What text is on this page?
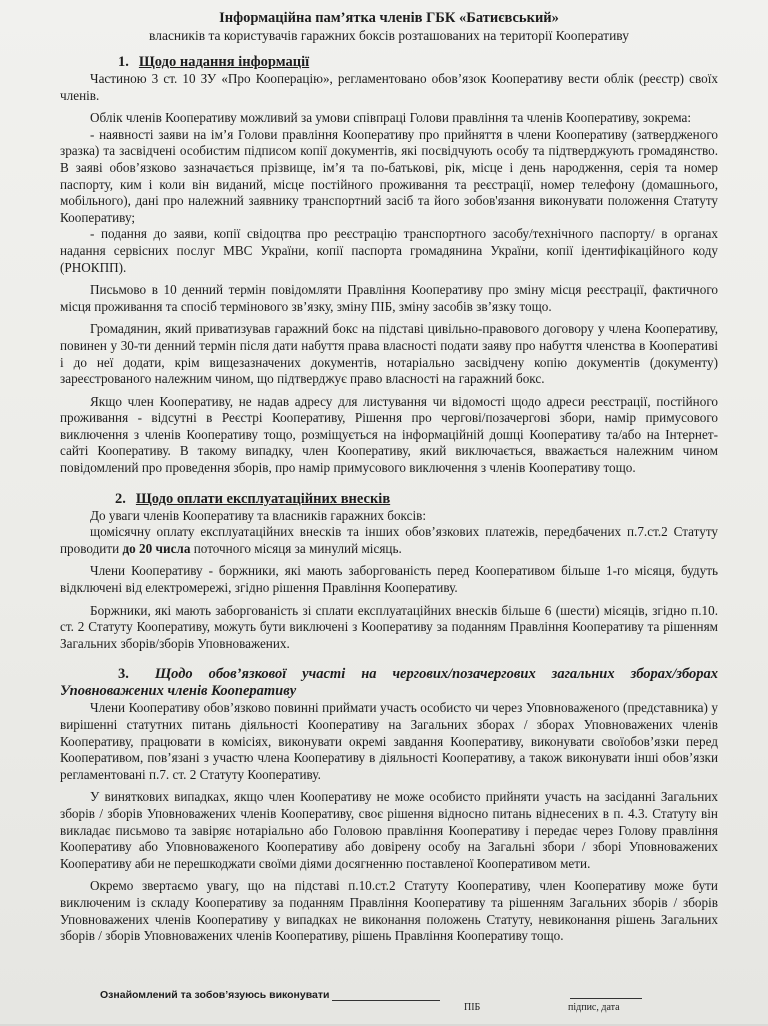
Інформаційна пам’ятка членів ГБК «Батиєвський»

власників та користувачів гаражних боксів розташованих на території Кооперативу

1. Щодо надання інформації

Частиною 3 ст. 10 ЗУ «Про Кооперацію», регламентовано обов’язок Кооперативу вести облік (реєстр) своїх членів.

Облік членів Кооперативу можливий за умови співпраці Голови правління та членів Кооперативу, зокрема:

- наявності заяви на ім’я Голови правління Кооперативу про прийняття в члени Кооперативу (затвердженого зразка) та засвідчені особистим підписом копії документів, які посвідчують особу та підтверджують громадянство. В заяві обов’язково зазначається прізвище, ім’я та по-батькові, рік, місце і день народження, серія та номер паспорту, ким і коли він виданий, місце постійного проживання та реєстрації, номер телефону (домашнього, мобільного), дані про належний заявнику транспортний засіб та його зобов'язання виконувати положення Статуту Кооперативу;

- подання до заяви, копії свідоцтва про реєстрацію транспортного засобу/технічного паспорту/ в органах надання сервісних послуг МВС України, копії паспорта громадянина України, копії ідентифікаційного коду (РНОКПП).

Письмово в 10 денний термін повідомляти Правління Кооперативу про зміну місця реєстрації, фактичного місця проживання та спосіб термінового зв’язку, зміну ПІБ, зміну засобів зв’язку тощо.

Громадянин, який приватизував гаражний бокс на підставі цивільно-правового договору у члена Кооперативу, повинен у 30-ти денний термін після дати набуття права власності подати заяву про набуття членства в Кооперативі і до неї додати, крім вищезазначених документів, нотаріально засвідчену копію документів (документу) зареєстрованого належним чином, що підтверджує право власності на гаражний бокс.

Якщо член Кооперативу, не надав адресу для листування чи відомості щодо адреси реєстрації, постійного проживання - відсутні в Реєстрі Кооперативу, Рішення про чергові/позачергові збори, намір примусового виключення з членів Кооперативу тощо, розміщується на інформаційній дошці Кооперативу та/або на Інтернет-сайті Кооперативу. В такому випадку, член Кооперативу, який виключається, вважається належним чином повідомлений про проведення зборів, про намір примусового виключення з членів Кооперативу тощо.

2. Щодо оплати експлуатаційних внесків

До уваги членів Кооперативу та власників гаражних боксів:

щомісячну оплату експлуатаційних внесків та інших обов’язкових платежів, передбачених п.7.ст.2 Статуту проводити до 20 числа поточного місяця за минулий місяць.

Члени Кооперативу - боржники, які мають заборгованість перед Кооперативом більше 1-го місяця, будуть відключені від електромережі, згідно рішення Правління Кооперативу.

Боржники, які мають заборгованість зі сплати експлуатаційних внесків більше 6 (шести) місяців, згідно п.10. ст. 2 Статуту Кооперативу, можуть бути виключені з Кооперативу за поданням Правління Кооперативу та рішенням Загальних зборів/зборів Уповноважених.

3. Щодо обов’язкової участі на чергових/позачергових загальних зборах/зборах Уповноважених членів Кооперативу

Члени Кооперативу обов’язково повинні приймати участь особисто чи через Уповноваженого (представника) у вирішенні статутних питань діяльності Кооперативу на Загальних зборах / зборах Уповноважених членів Кооперативу, працювати в комісіях, виконувати окремі завдання Кооперативу, виконувати своїобов’язки перед Кооперативом, пов’язані з участю члена Кооперативу в діяльності Кооперативу, а також виконувати інші обов’язки регламентовані п.7. ст. 2 Статуту Кооперативу.

У виняткових випадках, якщо член Кооперативу не може особисто прийняти участь на засіданні Загальних зборів / зборів Уповноважених членів Кооперативу, своє рішення відносно питань віднесених в п. 4.3. Статуту він викладає письмово та завіряє нотаріально або Головою правління Кооперативу і передає через Голову правління Кооперативу або Уповноваженого Кооперативу або довірену особу на Загальні збори / зборі Уповноважених Кооперативу аби не перешкоджати своїми діями досягненню поставленої Кооперативом мети.

Окремо звертаємо увагу, що на підставі п.10.ст.2 Статуту Кооперативу, член Кооперативу може бути виключеним із складу Кооперативу за поданням Правління Кооперативу та рішенням Загальних зборів / зборів Уповноважених членів Кооперативу у випадках не виконання положень Статуту, невиконання рішень Загальних зборів / зборів Уповноважених членів Кооперативу, рішень Правління Кооперативу тощо.

Ознайомлений та зобов’язуюсь виконувати
ПІБ	підпис, дата
